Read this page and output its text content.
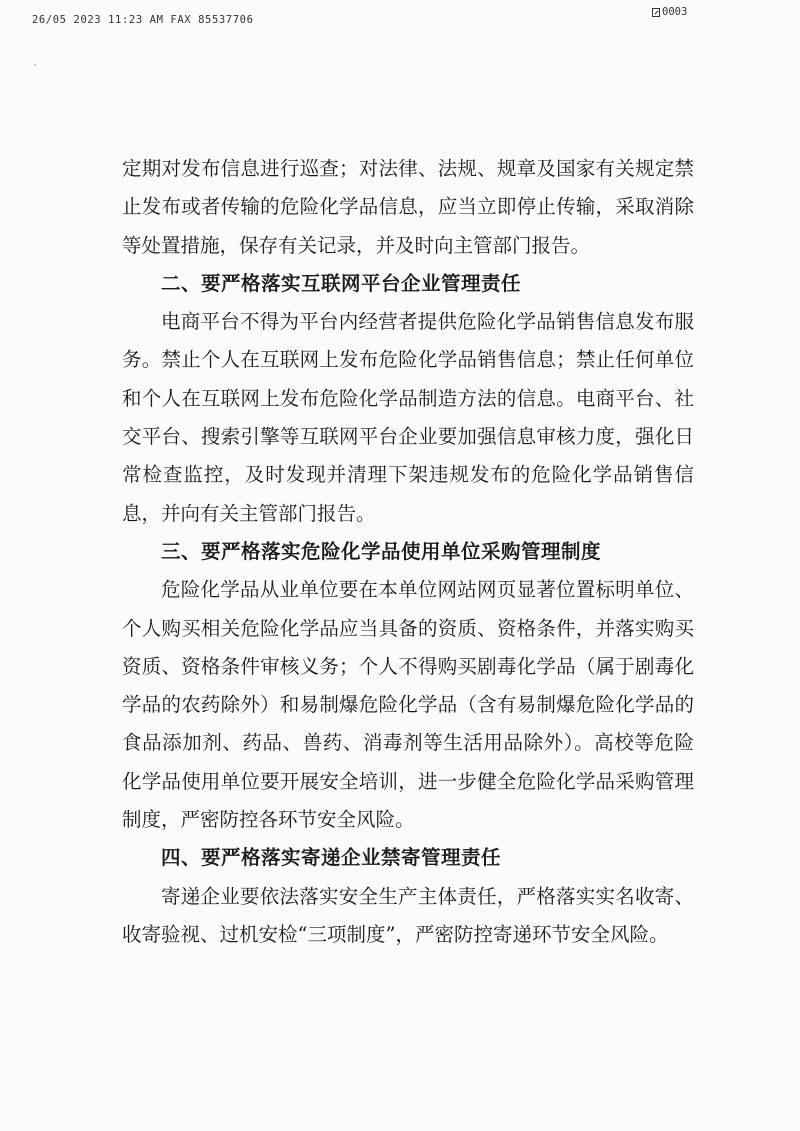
26/05 2023 11:23 AM FAX 85537706
0003

定期对发布信息进行巡查；对法律、法规、规章及国家有关规定禁止发布或者传输的危险化学品信息，应当立即停止传输，采取消除等处置措施，保存有关记录，并及时向主管部门报告。

二、要严格落实互联网平台企业管理责任

电商平台不得为平台内经营者提供危险化学品销售信息发布服务。禁止个人在互联网上发布危险化学品销售信息；禁止任何单位和个人在互联网上发布危险化学品制造方法的信息。电商平台、社交平台、搜索引擎等互联网平台企业要加强信息审核力度，强化日常检查监控，及时发现并清理下架违规发布的危险化学品销售信息，并向有关主管部门报告。

三、要严格落实危险化学品使用单位采购管理制度

危险化学品从业单位要在本单位网站网页显著位置标明单位、个人购买相关危险化学品应当具备的资质、资格条件，并落实购买资质、资格条件审核义务；个人不得购买剧毒化学品（属于剧毒化学品的农药除外）和易制爆危险化学品（含有易制爆危险化学品的食品添加剂、药品、兽药、消毒剂等生活用品除外）。高校等危险化学品使用单位要开展安全培训，进一步健全危险化学品采购管理制度，严密防控各环节安全风险。

四、要严格落实寄递企业禁寄管理责任

寄递企业要依法落实安全生产主体责任，严格落实实名收寄、收寄验视、过机安检“三项制度”，严密防控寄递环节安全风险。
